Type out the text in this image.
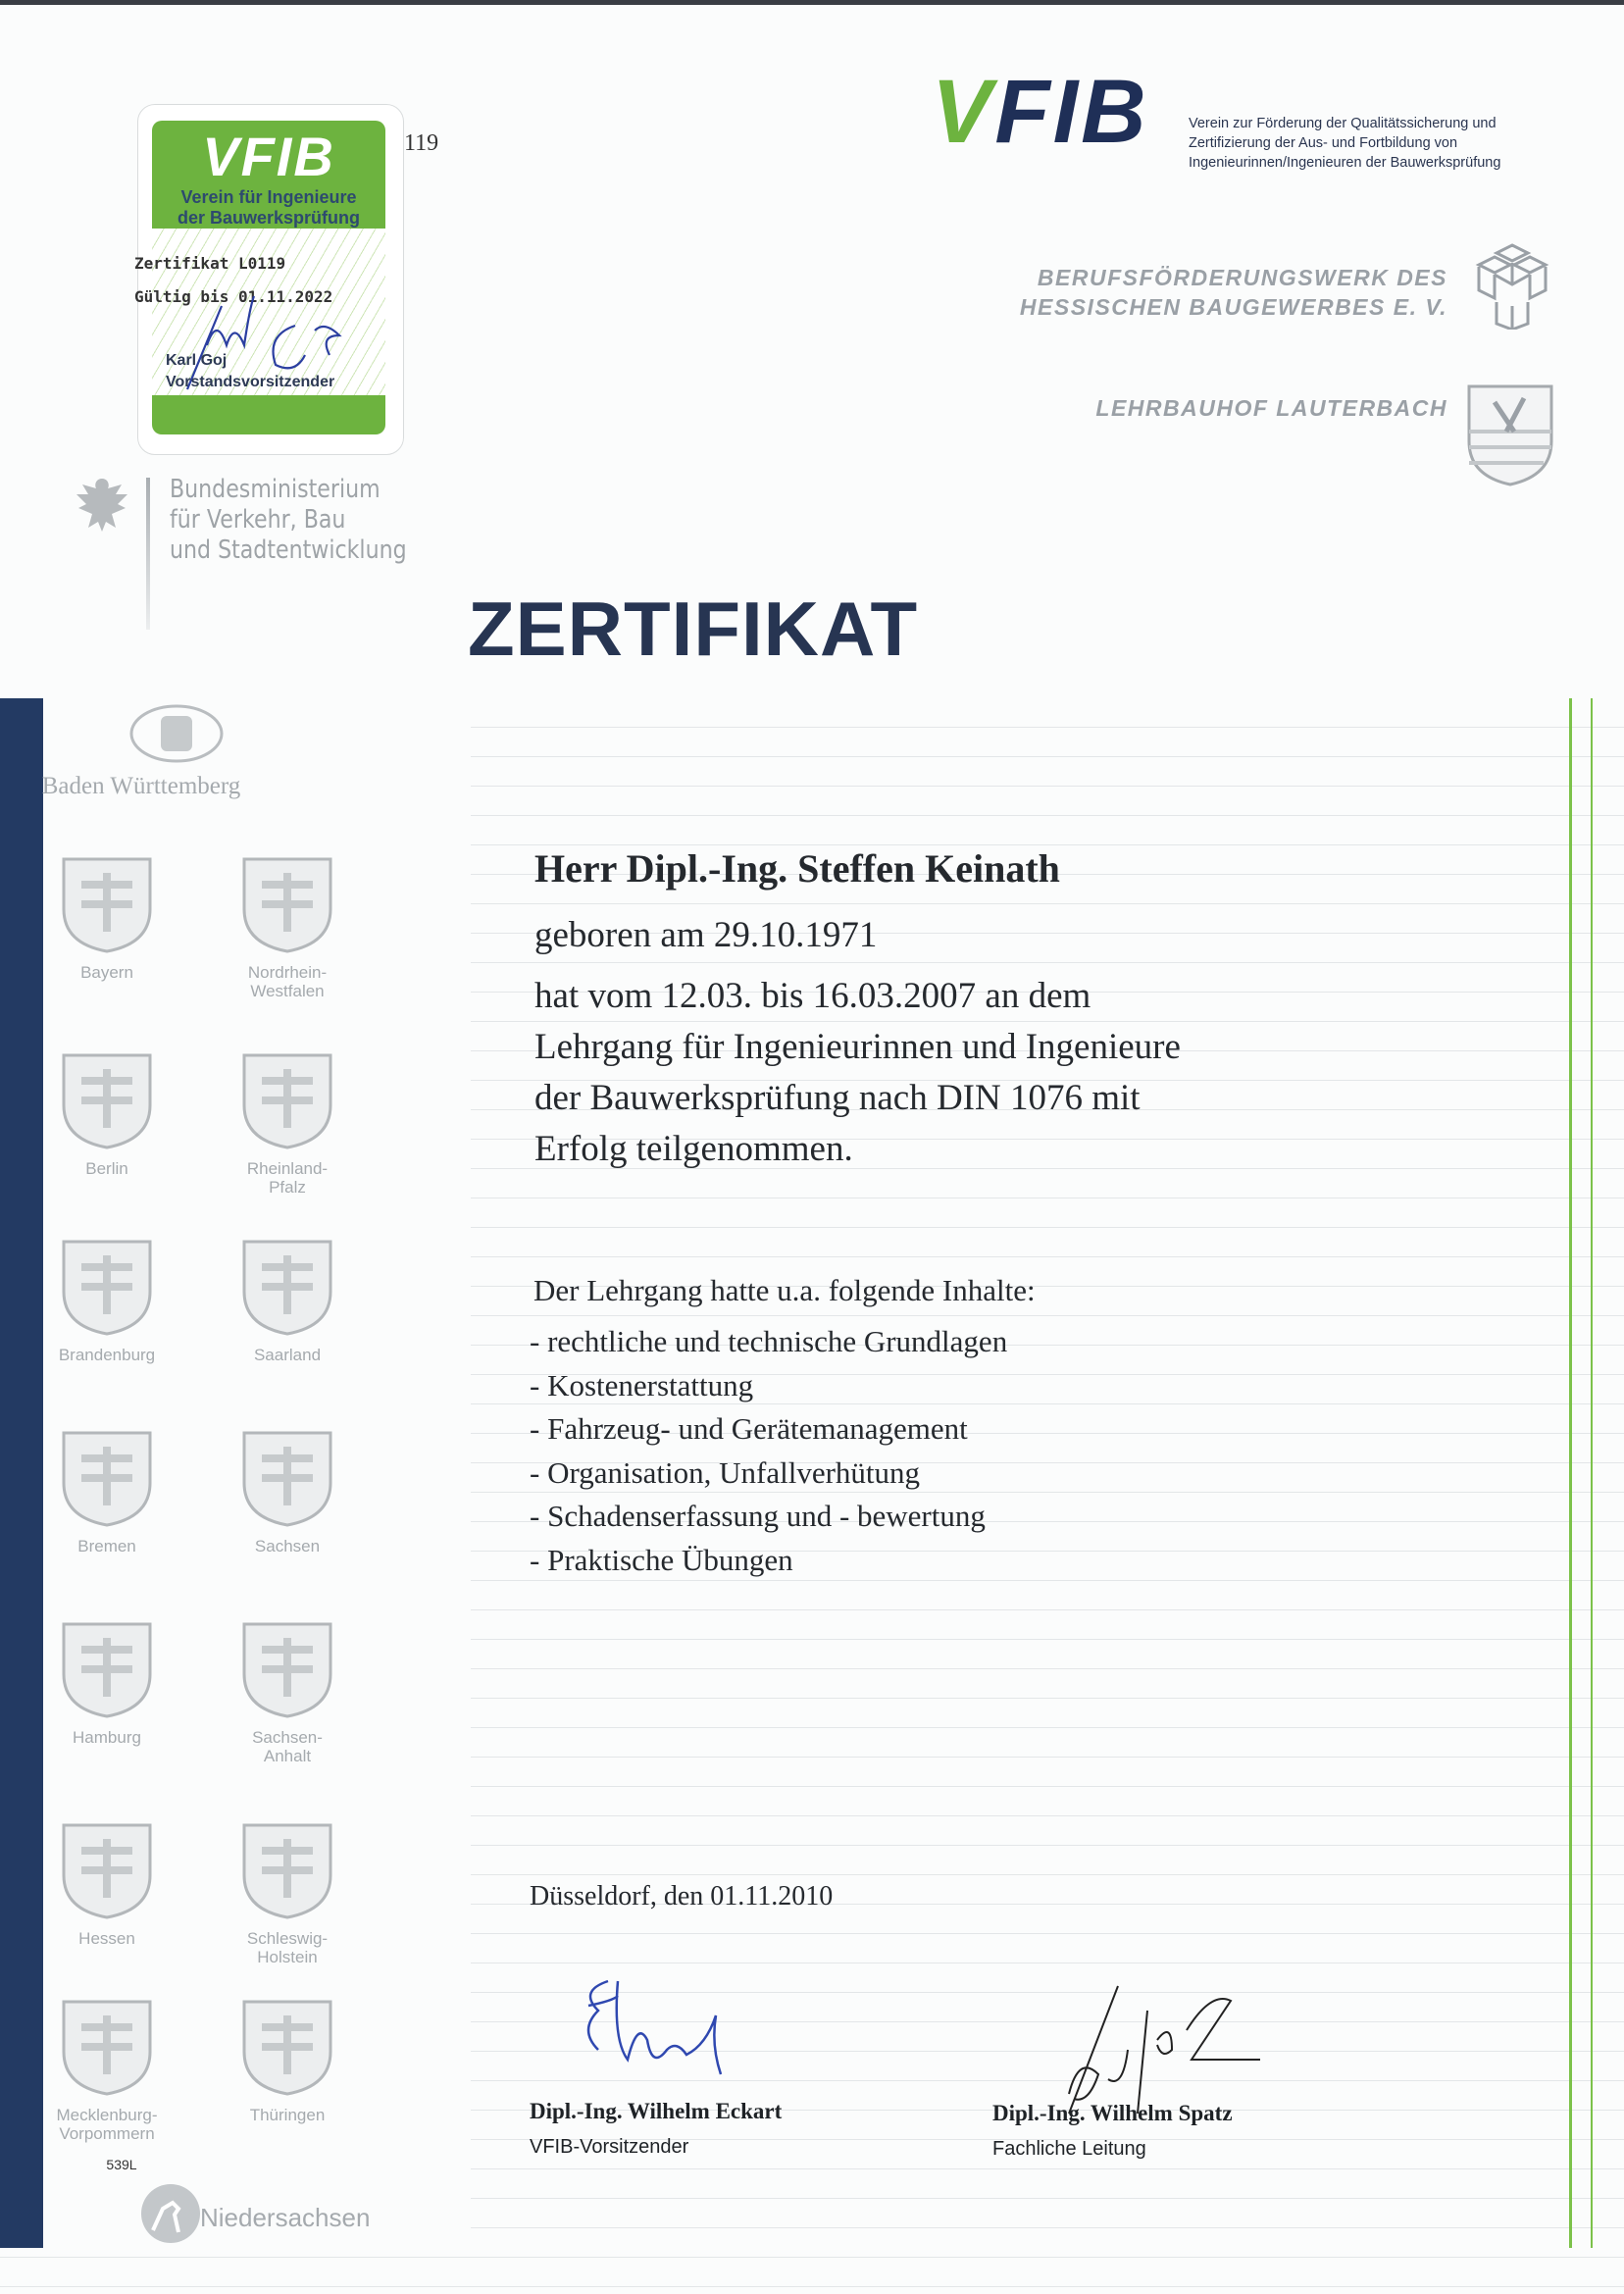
VFIB
Verein für Ingenieure
der Bauwerksprüfung
Zertifikat L0119
Gültig bis 01.11.2022
Karl Goj
Vorstandsvorsitzender
119	VFIB	Verein zur Förderung der Qualitätssicherung und
Zertifizierung der Aus- und Fortbildung von
Ingenieurinnen/Ingenieuren der Bauwerksprüfung
BERUFSFÖRDERUNGSWERK DES
HESSISCHEN BAUGEWERBES E. V.
LEHRBAUHOF LAUTERBACH
Bundesministerium
für Verkehr, Bau
und Stadtentwicklung
ZERTIFIKAT
Baden Württemberg
Bayern	Nordrhein-
Westfalen
Berlin	Rheinland-
Pfalz
Brandenburg	Saarland
Bremen	Sachsen
Hamburg	Sachsen-
Anhalt
Hessen	Schleswig-
Holstein
Mecklenburg-
Vorpommern
Thüringen
539L
Niedersachsen
Herr Dipl.-Ing. Steffen Keinath
geboren am 29.10.1971
hat vom 12.03. bis 16.03.2007 an dem
Lehrgang für Ingenieurinnen und Ingenieure
der Bauwerksprüfung nach DIN 1076 mit
Erfolg teilgenommen.
Der Lehrgang hatte u.a. folgende Inhalte:
- rechtliche und technische Grundlagen
- Kostenerstattung
- Fahrzeug- und Gerätemanagement
- Organisation, Unfallverhütung
- Schadenserfassung und - bewertung
- Praktische Übungen
Düsseldorf, den 01.11.2010
Dipl.-Ing. Wilhelm Eckart
VFIB-Vorsitzender
Dipl.-Ing. Wilhelm Spatz
Fachliche Leitung
